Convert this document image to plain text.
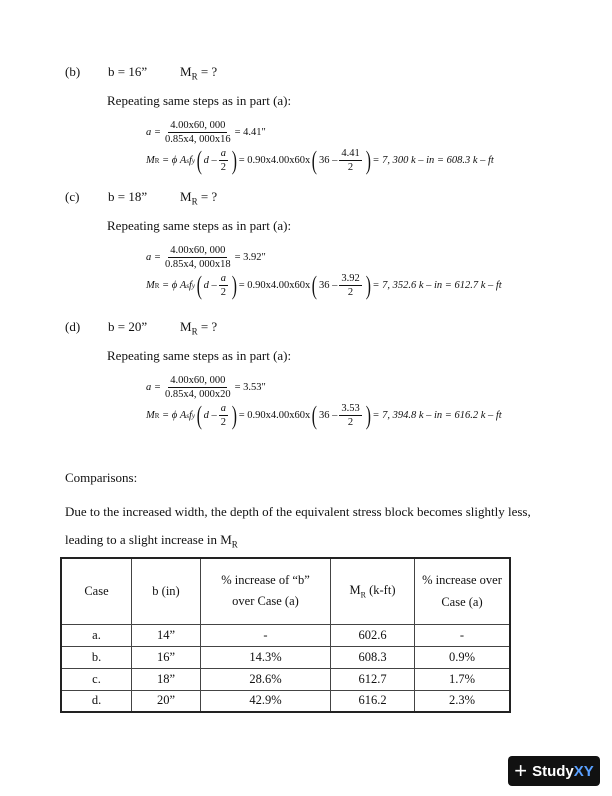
(b) b = 16”	$M_R$ = ?
Repeating same steps as in part (a):
$a = \frac{4.00x60, 000}{0.85x4, 000x16} = 4.41$"
M R
= ϕ A s f y ( d – $\frac{a}{2}$ ) = 0.90x4.00x60x ( $36 - \frac{4.41}{2}$ ) = 7, 300 k – in = 608.3 k – ft
(c) b = 18”	$M_R$ = ?
Repeating same steps as in part (a):
$a = \frac{4.00x60, 000}{0.85x4, 000x18} = 3.92$"
M R
= ϕ A s f y ( d – $\frac{a}{2}$ ) = 0.90x4.00x60x ( $36 - \frac{3.92}{2}$ ) = 7, 352.6 k – in = 612.7 k – ft
(d) b = 20”	$M_R$ = ?
Repeating same steps as in part (a):
$a = \frac{4.00x60, 000}{0.85x4, 000x20} = 3.53$"
M R
= ϕ A s f y ( d – $\frac{a}{2}$ ) = 0.90x4.00x60x ( $36 - \frac{3.53}{2}$ ) = 7, 394.8 k – in = 616.2 k – ft
Comparisons:
Due to the increased width, the depth of the equivalent stress block becomes slightly less,
leading to a slight increase in $M_R$
Case	b (in)	% increase of “b” over Case (a)	$M_R$ (k-ft)	% increase over Case (a)
a.	14”	-	602.6	-
b.	16”	14.3%	608.3	0.9%
c.	18”	28.6%	612.7	1.7%
d.	20”	42.9%	616.2	2.3%
+ StudyXY
